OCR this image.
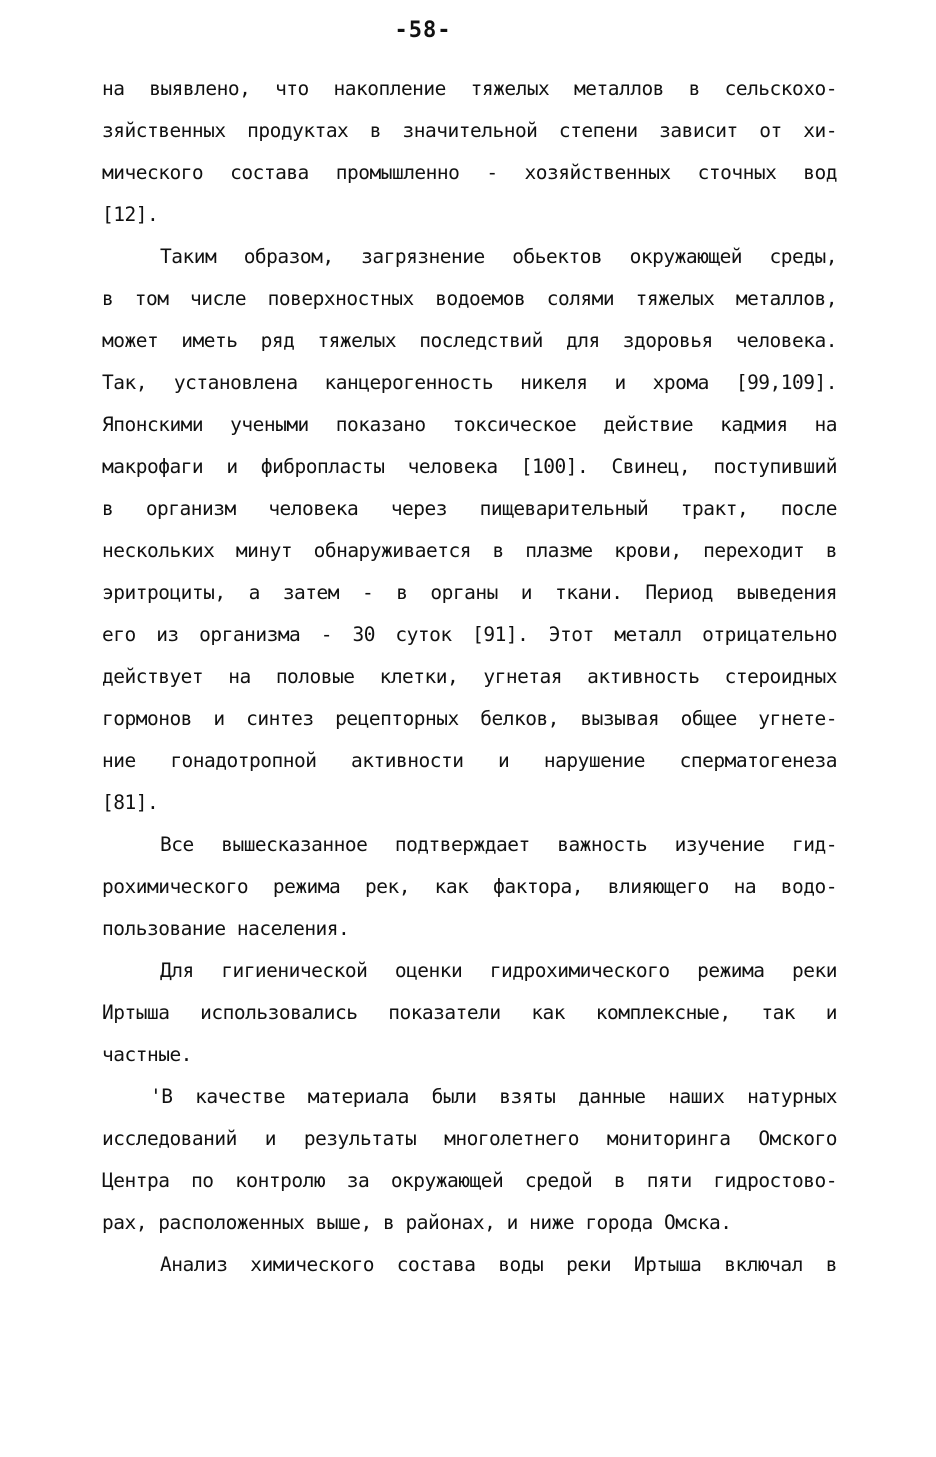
-58-
на выявлено, что накопление тяжелых металлов в сельскохо-
зяйственных продуктах в значительной степени зависит от хи-
мического состава промышленно - хозяйственных сточных вод
[12].
Таким образом, загрязнение обьектов окружающей среды,
в том числе поверхностных водоемов солями тяжелых металлов,
может иметь ряд тяжелых последствий для здоровья человека.
Так, установлена канцерогенность никеля и хрома [99,109].
Японскими учеными показано токсическое действие кадмия на
макрофаги и фибропласты человека [100]. Свинец, поступивший
в организм человека через пищеварительный тракт, после
нескольких минут обнаруживается в плазме крови, переходит в
эритроциты, а затем - в органы и ткани. Период выведения
его из организма - 30 суток [91]. Этот металл отрицательно
действует на половые клетки, угнетая активность стероидных
гормонов и синтез рецепторных белков, вызывая общее угнете-
ние гонадотропной активности и нарушение сперматогенеза
[81].
Все вышесказанное подтверждает важность изучение гид-
рохимического режима рек, как фактора, влияющего на водо-
пользование населения.
Для гигиенической оценки гидрохимического режима реки
Иртыша использовались показатели как комплексные, так и
частные.
'В качестве материала были взяты данные наших натурных
исследований и результаты многолетнего мониторинга Омского
Центра по контролю за окружающей средой в пяти гидростово-
рах, расположенных выше, в районах, и ниже города Омска.
Анализ химического состава воды реки Иртыша включал в
